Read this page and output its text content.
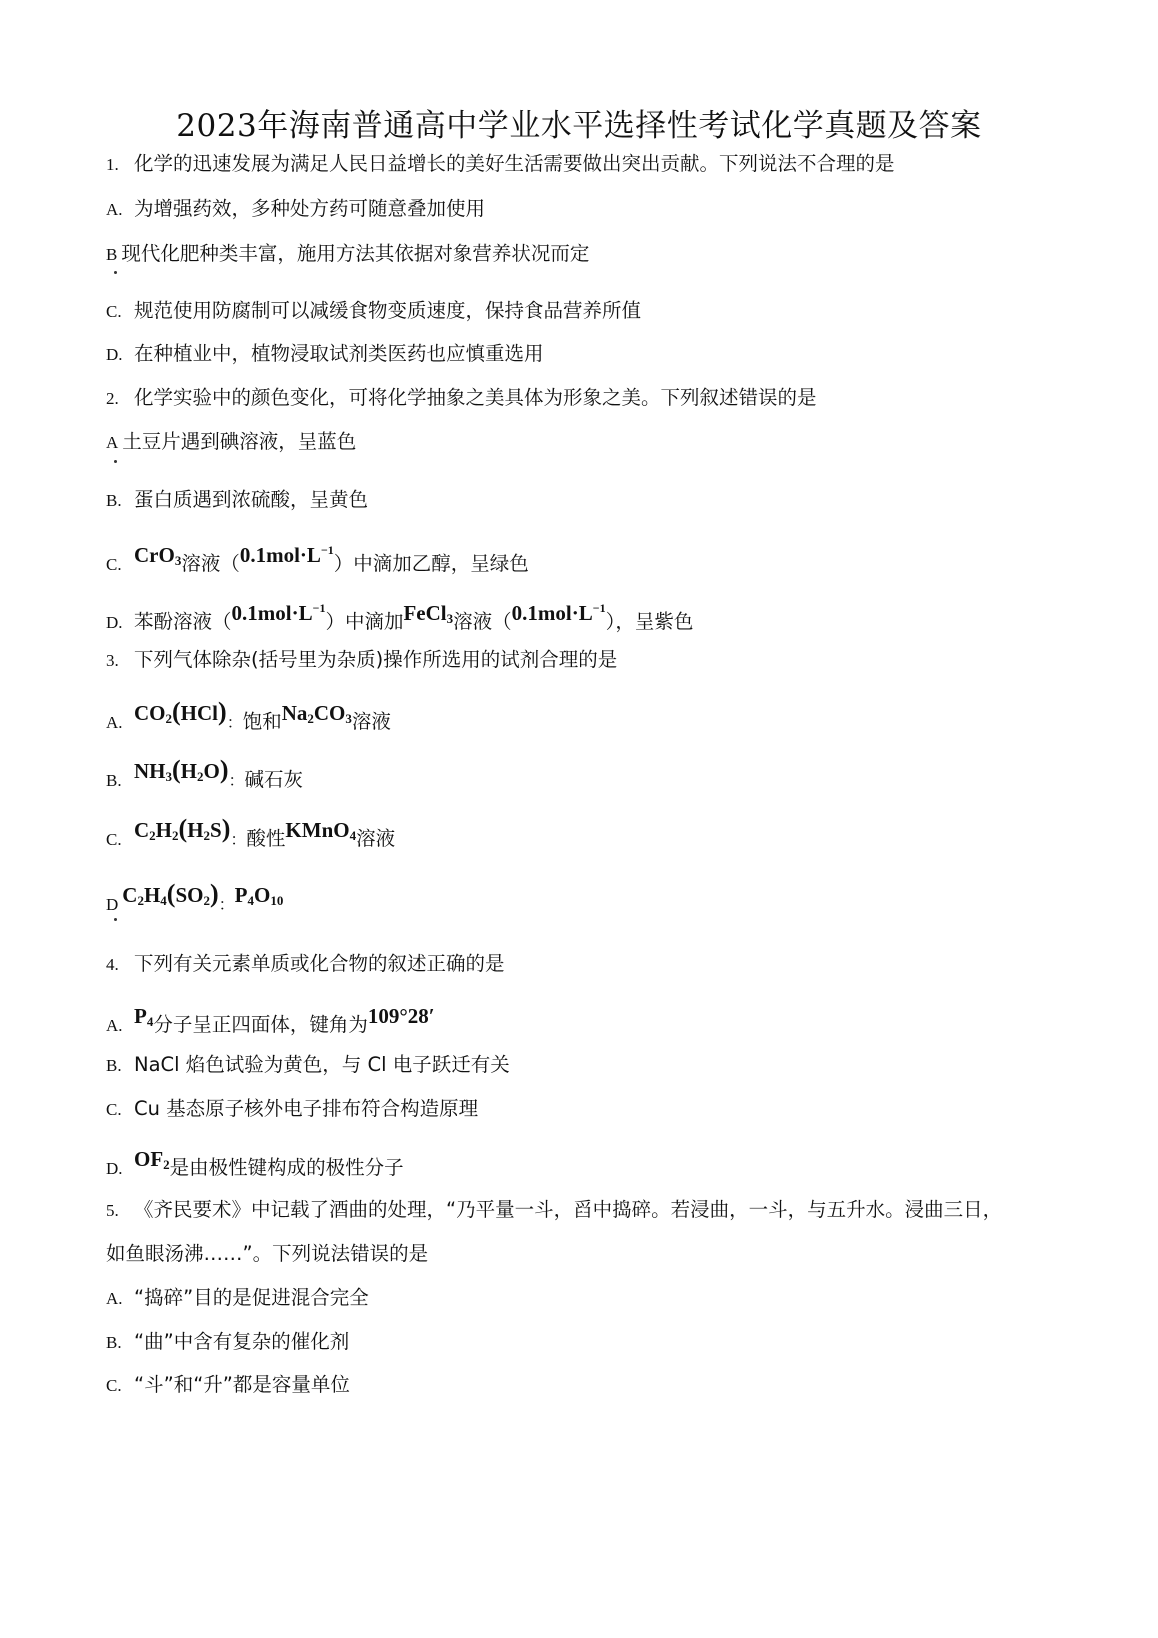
2023年海南普通高中学业水平选择性考试化学真题及答案
1. 化学的迅速发展为满足人民日益增长的美好生活需要做出突出贡献。下列说法不合理的是
A. 为增强药效，多种处方药可随意叠加使用
B 现代化肥种类丰富，施用方法其依据对象营养状况而定
C. 规范使用防腐制可以减缓食物变质速度，保持食品营养所值
D. 在种植业中，植物浸取试剂类医药也应慎重选用
2. 化学实验中的颜色变化，可将化学抽象之美具体为形象之美。下列叙述错误的是
A 土豆片遇到碘溶液，呈蓝色
B. 蛋白质遇到浓硫酸，呈黄色
C. CrO$_3$溶液$(0.1mol\cdot L^{-1})$中滴加乙醇，呈绿色
D. 苯酚溶液$(0.1mol\cdot L^{-1})$中滴加FeCl$_3$溶液$(0.1mol\cdot L^{-1})$，呈紫色
3. 下列气体除杂(括号里为杂质)操作所选用的试剂合理的是
A. $CO_2(HCl)$：饱和$Na_2CO_3$溶液
B. $NH_3(H_2O)$：碱石灰
C. $C_2H_2(H_2S)$：酸性KMnO$_4$溶液
D $C_2H_4(SO_2)$：$P_4O_{10}$
4. 下列有关元素单质或化合物的叙述正确的是
A. $P_4$分子呈正四面体，键角为109°28′
B. NaCl 焰色试验为黄色，与 Cl 电子跃迁有关
C. Cu 基态原子核外电子排布符合构造原理
D. $OF_2$是由极性键构成的极性分子
5. 《齐民要术》中记载了酒曲的处理，“乃平量一斗，舀中捣碎。若浸曲，一斗，与五升水。浸曲三日，
如鱼眼汤沸……”。下列说法错误的是
A. “捣碎”目的是促进混合完全
B. “曲”中含有复杂的催化剂
C. “斗”和“升”都是容量单位
